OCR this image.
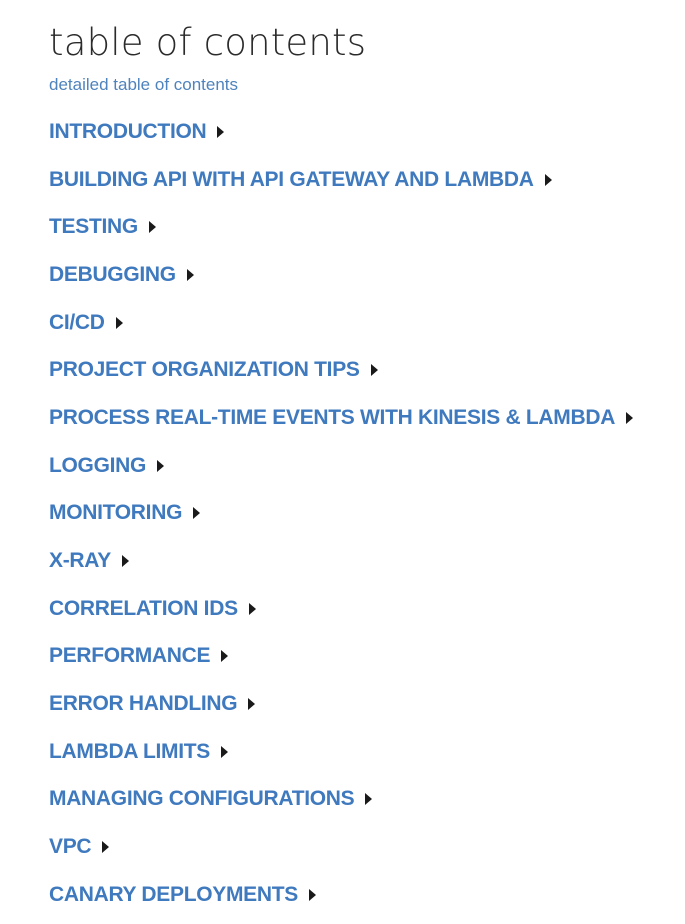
table of contents
detailed table of contents
INTRODUCTION
BUILDING API WITH API GATEWAY AND LAMBDA
TESTING
DEBUGGING
CI/CD
PROJECT ORGANIZATION TIPS
PROCESS REAL-TIME EVENTS WITH KINESIS & LAMBDA
LOGGING
MONITORING
X-RAY
CORRELATION IDS
PERFORMANCE
ERROR HANDLING
LAMBDA LIMITS
MANAGING CONFIGURATIONS
VPC
CANARY DEPLOYMENTS
